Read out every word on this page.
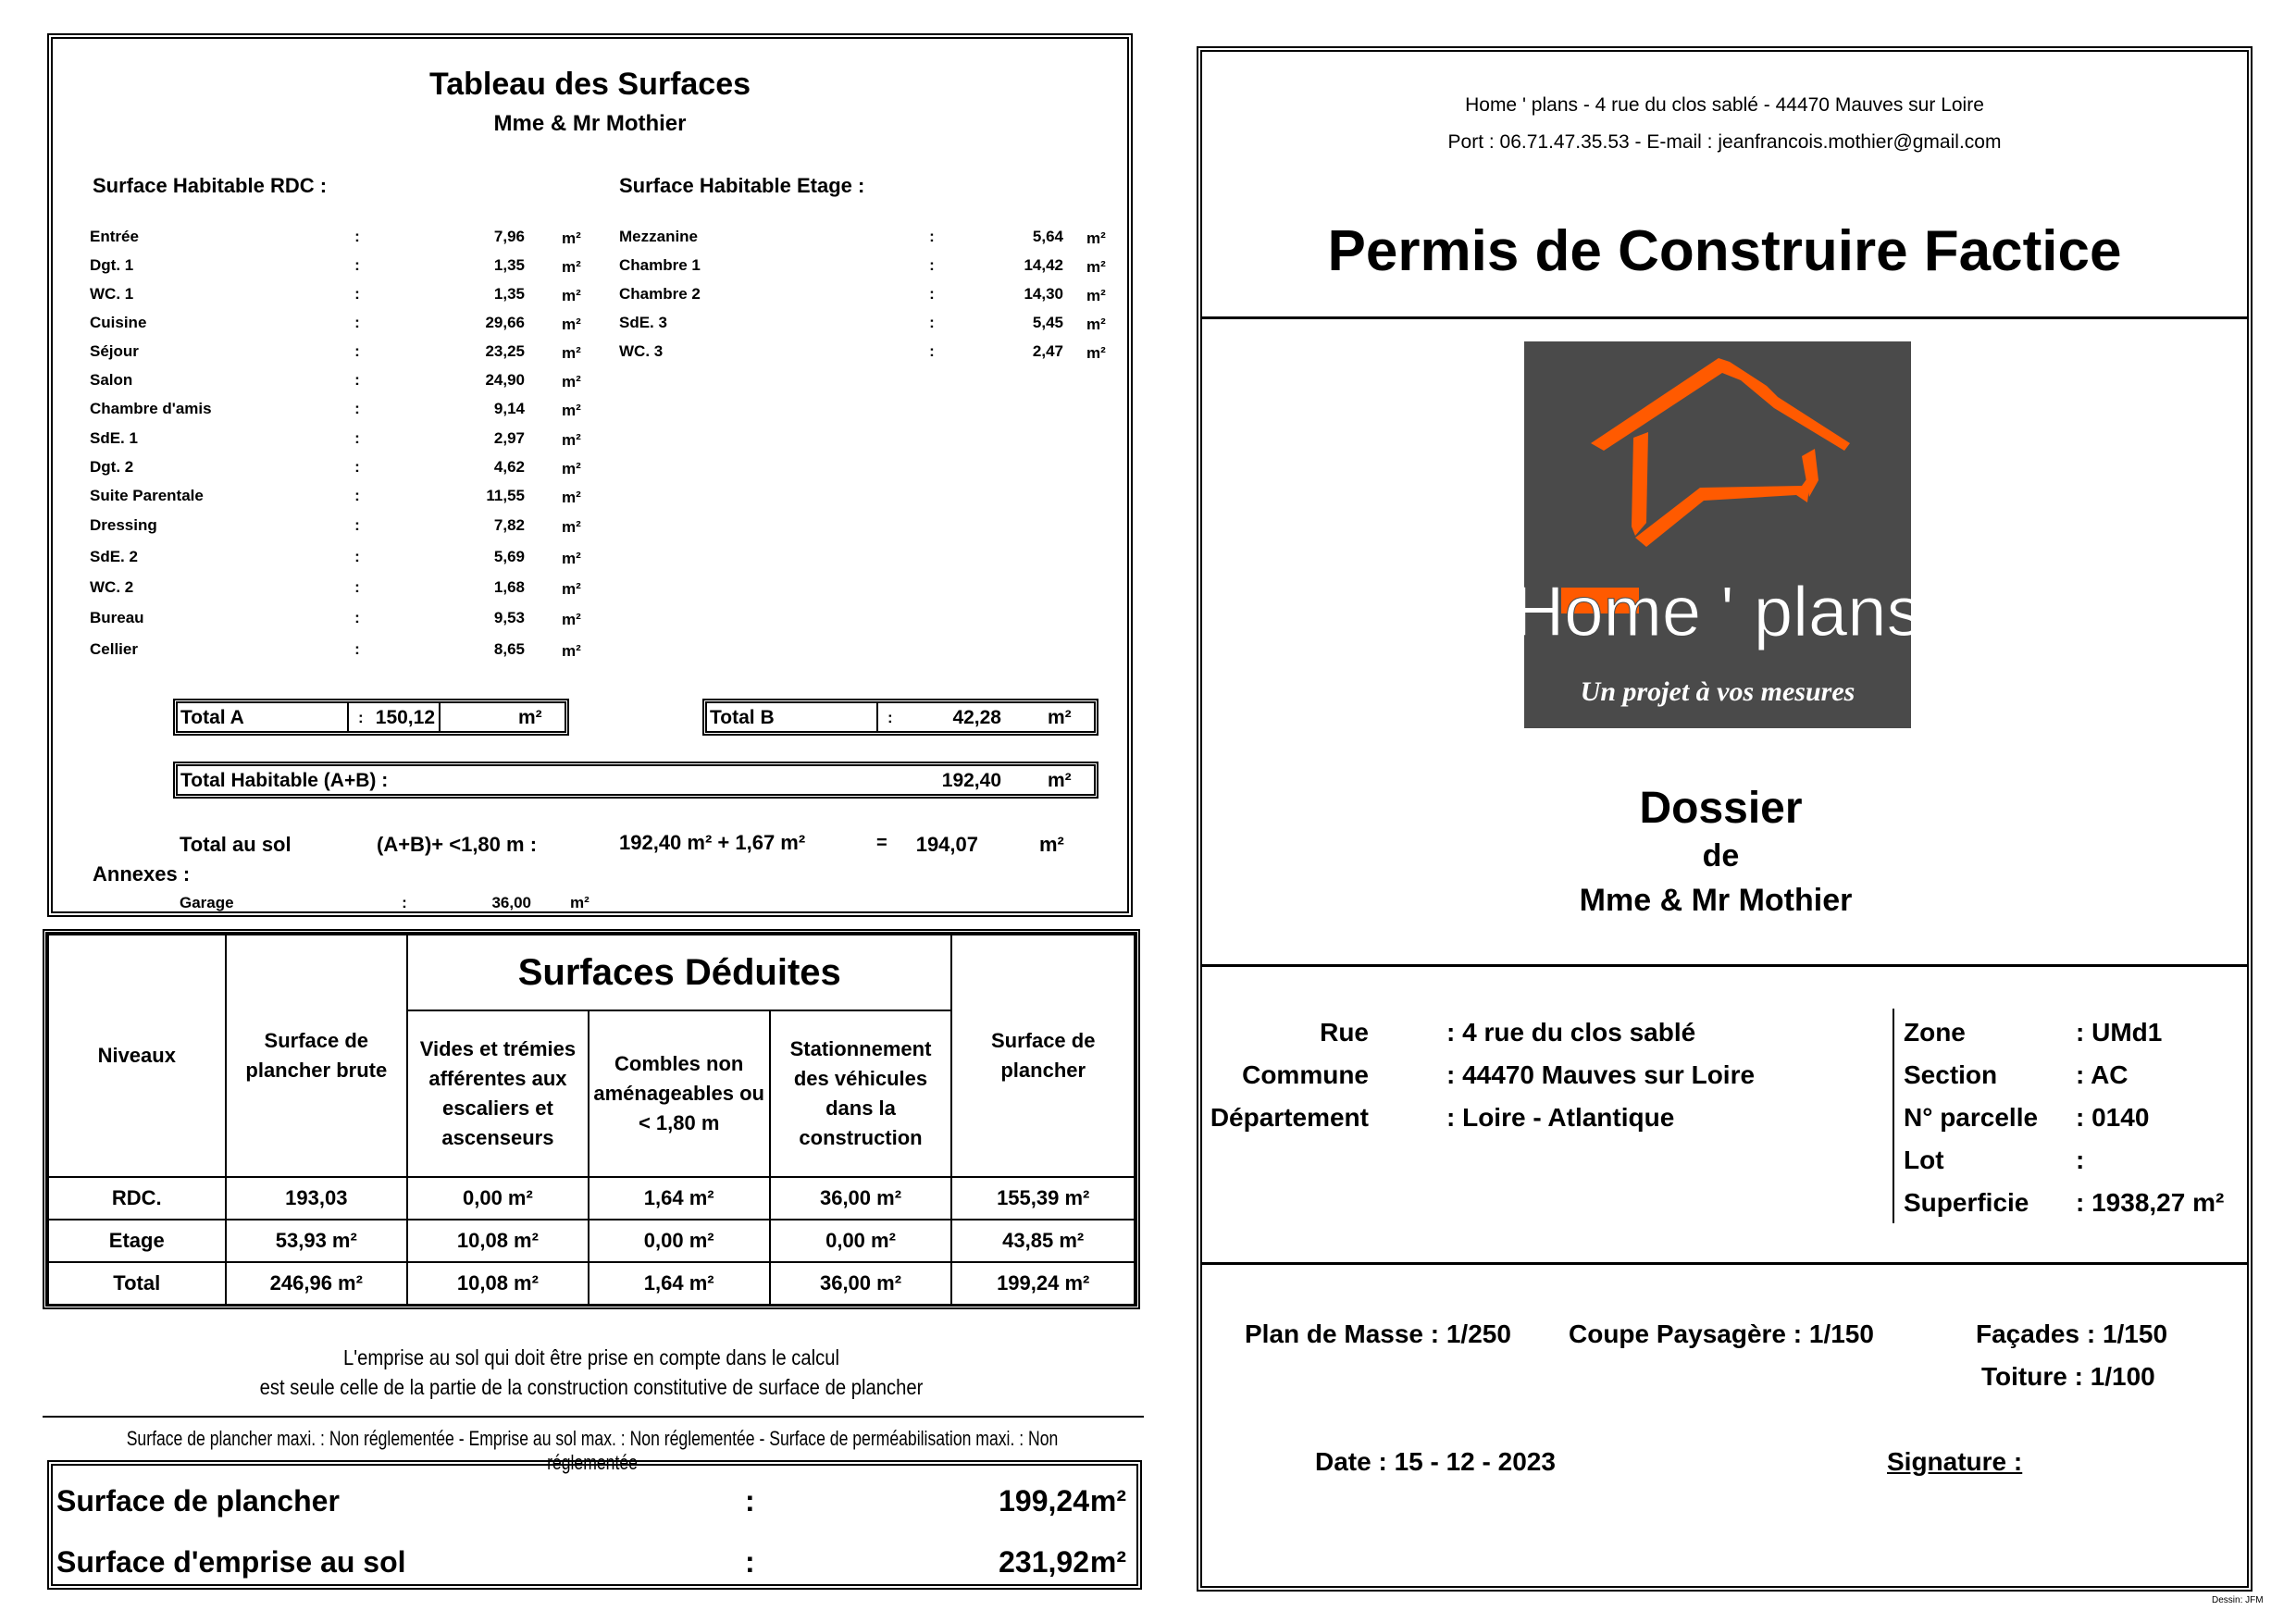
Tableau des Surfaces
Mme & Mr Mothier
Surface Habitable RDC :	Surface Habitable Etage :
Entrée	:	7,96 m²
Dgt. 1	:	1,35 m²
WC. 1	:	1,35 m²
Cuisine	:	29,66 m²
Séjour	:	23,25 m²
Salon	:	24,90 m²
Chambre d'amis	:	9,14 m²
SdE. 1	:	2,97 m²
Dgt. 2	:	4,62 m²
Suite Parentale	:	11,55 m²
Dressing	:	7,82 m²
SdE. 2	:	5,69 m²
WC. 2	:	1,68 m²
Bureau	:	9,53 m²
Cellier	:	8,65 m²
Mezzanine	:	5,64 m²
Chambre 1	:	14,42 m²
Chambre 2	:	14,30 m²
SdE. 3	:	5,45 m²
WC. 3	:	2,47 m²
Total A	: 150,12	m²	Total B	:	42,28 m²
Total Habitable (A+B) :	192,40 m²
Total au sol	(A+B)+ <1,80 m :	192,40 m² + 1,67 m²	=	194,07	m²
Annexes :
Garage	:	36,00 m²
Niveaux	Surface de plancher brute	Surfaces Déduites			Surface de plancher
		Vides et trémies afférentes aux escaliers et ascenseurs	Combles non aménageables ou < 1,80 m	Stationnement des véhicules dans la construction	
RDC.	193,03	0,00 m²	1,64 m²	36,00 m²	155,39 m²
Etage	53,93 m²	10,08 m²	0,00 m²	0,00 m²	43,85 m²
Total	246,96 m²	10,08 m²	1,64 m²	36,00 m²	199,24 m²
L'emprise au sol qui doit être prise en compte dans le calcul
est seule celle de la partie de la construction constitutive de surface de plancher
Surface de plancher maxi. : Non réglementée - Emprise au sol max. : Non réglementée - Surface de perméabilisation maxi. : Non réglementée
Surface de plancher	:	199,24 m²
Surface d'emprise au sol	:	231,92 m²
Home ' plans - 4 rue du clos sablé - 44470 Mauves sur Loire
Port : 06.71.47.35.53 - E-mail : jeanfrancois.mothier@gmail.com
Permis de Construire Factice
Home ' plans
Un projet à vos mesures
Dossier
de
Mme & Mr Mothier
Rue	: 4 rue du clos sablé
Commune	: 44470 Mauves sur Loire
Département	: Loire - Atlantique
Zone	: UMd1
Section	: AC
N° parcelle : 0140
Lot	:
Superficie : 1938,27 m²
Plan de Masse : 1/250 Coupe Paysagère : 1/150	Façades : 1/150
Toiture : 1/100
Date : 15 - 12 - 2023	Signature :
Dessin: JFM
